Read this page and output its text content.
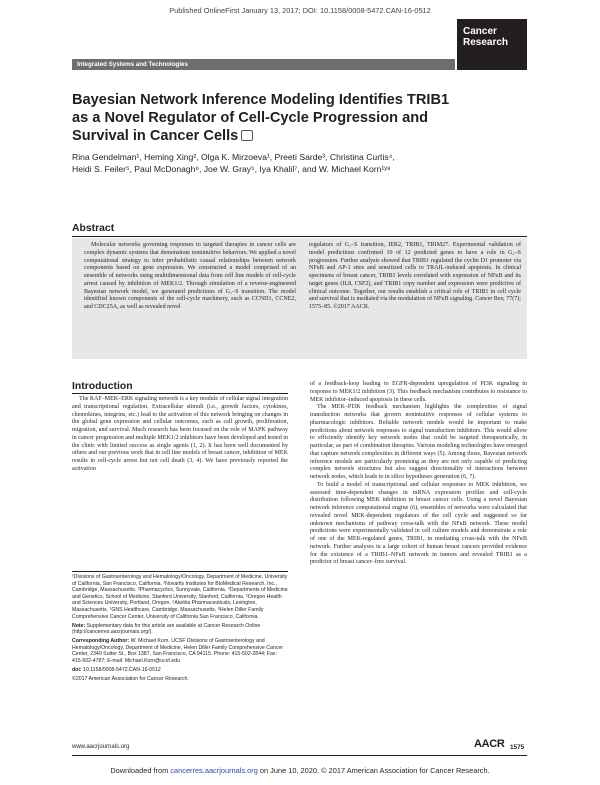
Published OnlineFirst January 13, 2017; DOI: 10.1158/0008-5472.CAN-16-0512
Integrated Systems and Technologies
Cancer
Research
Bayesian Network Inference Modeling Identifies TRIB1 as a Novel Regulator of Cell-Cycle Progression and Survival in Cancer Cells
Rina Gendelman¹, Heming Xing², Olga K. Mirzoeva¹, Preeti Sarde³, Christina Curtis⁴, Heidi S. Feiler⁵, Paul McDonagh⁶, Joe W. Gray⁵, Iya Khalil⁷, and W. Michael Korn¹ʸ⁸
Abstract

Molecular networks governing responses to targeted therapies in cancer cells are complex dynamic systems that demonstrate nonintuitive behaviors. We applied a novel computational strategy to infer probabilistic causal relationships between network components based on gene expression. We constructed a model comprised of an ensemble of networks using multidimensional data from cell line models of cell-cycle arrest caused by inhibition of MEK1/2. Through simulation of a reverse-engineered Bayesian network model, we generated predictions of G₁–S transition. The model identified known components of the cell-cycle machinery, such as CCND1, CCNE2, and CDC25A, as well as revealed novel

regulators of G₁–S transition, IER2, TRIB1, TRIM27. Experimental validation of model predictions confirmed 10 of 12 predicted genes to have a role in G₁–S progression. Further analysis showed that TRIB1 regulated the cyclin D1 promoter via NFκB and AP-1 sites and sensitized cells to TRAIL-induced apoptosis. In clinical specimens of breast cancer, TRIB1 levels correlated with expression of NFκB and its target genes (IL8, CSF2), and TRIB1 copy number and expression were predictive of clinical outcome. Together, our results establish a critical role of TRIB1 in cell cycle and survival that is mediated via the modulation of NFκB signaling. Cancer Res; 77(7); 1575–85. ©2017 AACR.

Introduction

The RAF–MEK–ERK signaling network is a key module of cellular signal integration and transcriptional regulation. Extracellular stimuli (i.e., growth factors, cytokines, chemokines, integrins, etc.) lead to the activation of this network bringing on changes in the global gene expression and cellular outcomes, such as cell growth, proliferation, migration, and survival. Much research has been focused on the role of MAPK pathway in cancer progression and multiple MEK1/2 inhibitors have been developed and tested in the clinic with limited success as single agents (1, 2). It has been well documented by others and our previous work that in cell line models of breast cancer, inhibition of MEK results in cell-cycle arrest but not cell death (3, 4). We have previously reported the activation

of a feedback-loop leading to EGFR-dependent upregulation of PI3K signaling in response to MEK1/2 inhibition (3). This feedback mechanism contributes to resistance to MEK inhibitor–induced apoptosis in these cells.

The MEK–PI3K feedback mechanism highlights the complexities of signal transduction networks that govern nonintuitive responses of cellular systems to pharmacologic inhibitors. Reliable network models would be important to make predictions about network responses to signal transduction inhibitors. This would allow to efficiently identify key network nodes that could be targeted therapeutically, in particular, as part of combination therapies. Various modeling technologies have emerged that capture network complexities in different ways (5). Among those, Bayesian network inference models are particularly promising as they are not only capable of predicting complex network structures but also suggest directionality of interactions between network nodes, which leads to in silico hypotheses generation (6, 7).

To build a model of transcriptional and cellular responses to MEK inhibition, we assessed time-dependent changes in mRNA expression profiles and cell-cycle distribution following MEK inhibition in breast cancer cells. Using a novel Bayesian network inference computational engine (6), ensembles of networks were calculated that revealed novel MEK-dependent regulators of the cell cycle and suggested so far unknown mechanisms of pathway cross-talk with the NFκB network. These model predictions were experimentally validated in cell culture models and demonstrate a role of one of the MEK-regulated genes, TRIB1, in mediating cross-talk with the NFκB network. Further analyses in a large cohort of human breast cancers provided evidence for the existence of a TRIB1–NFκB network in tumors and revealed TRIB1 as a predictor of breast cancer–free survival.

¹Divisions of Gastroenterology and Hematology/Oncology, Department of Medicine, University of California, San Francisco, California. ²Novartis Institutes for BioMedical Research, Inc., Cambridge, Massachusetts. ³Pharmacyclics, Sunnyvale, California. ⁴Departments of Medicine and Genetics, School of Medicine, Stanford University, Stanford, California. ⁵Oregon Health and Sciences University, Portland, Oregon. ⁶Akebia Pharmaceuticals, Lexington, Massachusetts. ⁷GNS Healthcare, Cambridge, Massachusetts. ⁸Helen Diller Family Comprehensive Cancer Center, University of California San Francisco, California.

Note: Supplementary data for this article are available at Cancer Research Online (http://cancerres.aacrjournals.org/).

Corresponding Author: W. Michael Korn, UCSF Divisions of Gastroenterology and Hematology/Oncology, Department of Medicine, Helen Diller Family Comprehensive Cancer Center, 2340 Sutter St., Box 1387, San Francisco, CA 94115. Phone: 415-502-2844; Fax: 415-502-4787; E-mail: Michael.Korn@ucsf.edu

doi: 10.1158/0008-5472.CAN-16-0512

©2017 American Association for Cancer Research.

www.aacrjournals.org	AACR 1575
Downloaded from cancerres.aacrjournals.org on June 10, 2020. © 2017 American Association for Cancer Research.
